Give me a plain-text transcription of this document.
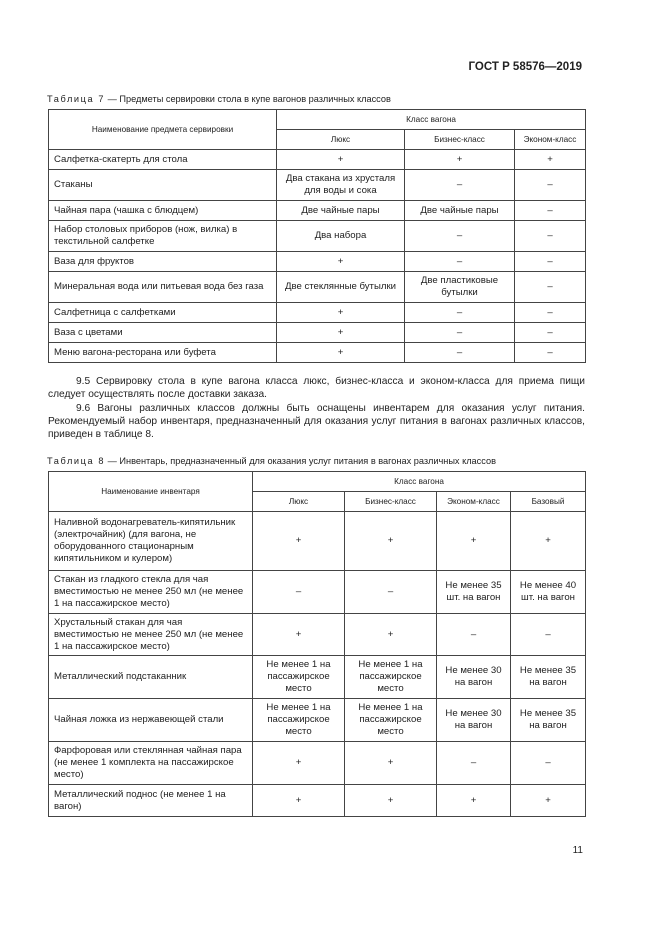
ГОСТ Р 58576—2019
Таблица 7 — Предметы сервировки стола в купе вагонов различных классов
Наименование предмета сервировки	Класс вагона		
	Люкс	Бизнес-класс	Эконом-класс
Салфетка-скатерть для стола	+	+	+
Стаканы	Два стакана из хрусталя для воды и сока	–	–
Чайная пара (чашка с блюдцем)	Две чайные пары	Две чайные пары	–
Набор столовых приборов (нож, вилка) в текстильной салфетке	Два набора	–	–
Ваза для фруктов	+	–	–
Минеральная вода или питьевая вода без газа	Две стеклянные бутылки	Две пластиковые бутылки	–
Салфетница с салфетками	+	–	–
Ваза с цветами	+	–	–
Меню вагона-ресторана или буфета	+	–	–
9.5 Сервировку стола в купе вагона класса люкс, бизнес-класса и эконом-класса для приема пищи следует осуществлять после доставки заказа.
9.6 Вагоны различных классов должны быть оснащены инвентарем для оказания услуг питания. Рекомендуемый набор инвентаря, предназначенный для оказания услуг питания в вагонах различных классов, приведен в таблице 8.
Таблица 8 — Инвентарь, предназначенный для оказания услуг питания в вагонах различных классов
Наименование инвентаря	Класс вагона			
	Люкс	Бизнес-класс	Эконом-класс	Базовый
Наливной водонагреватель-кипятильник (электрочайник) (для вагона, не оборудованного стационарным кипятильником и кулером)	+	+	+	+
Стакан из гладкого стекла для чая вместимостью не менее 250 мл (не менее 1 на пассажирское место)	–	–	Не менее 35 шт. на вагон	Не менее 40 шт. на вагон
Хрустальный стакан для чая вместимостью не менее 250 мл (не менее 1 на пассажирское место)	+	+	–	–
Металлический подстаканник	Не менее 1 на пассажирское место	Не менее 1 на пассажирское место	Не менее 30 на вагон	Не менее 35 на вагон
Чайная ложка из нержавеющей стали	Не менее 1 на пассажирское место	Не менее 1 на пассажирское место	Не менее 30 на вагон	Не менее 35 на вагон
Фарфоровая или стеклянная чайная пара (не менее 1 комплекта на пассажирское место)	+	+	–	–
Металлический поднос (не менее 1 на вагон)	+	+	+	+
11
